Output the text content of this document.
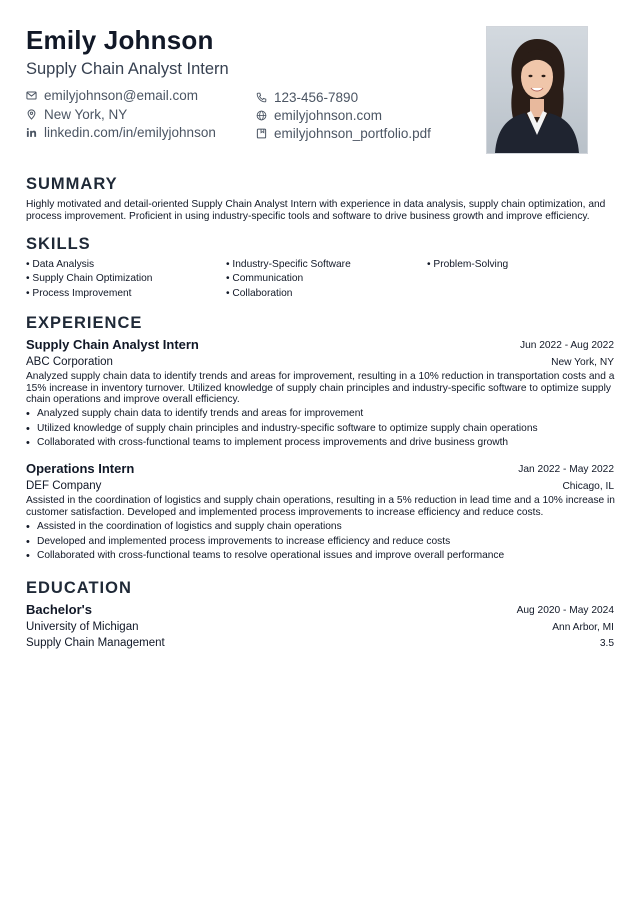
Emily Johnson
Supply Chain Analyst Intern
emilyjohnson@email.com	123-456-7890
New York, NY	emilyjohnson.com
linkedin.com/in/emilyjohnson	emilyjohnson_portfolio.pdf
SUMMARY
Highly motivated and detail-oriented Supply Chain Analyst Intern with experience in data analysis, supply chain optimization, and process improvement. Proficient in using industry-specific tools and software to drive business growth and improve efficiency.
SKILLS
• Data Analysis	• Industry-Specific Software	• Problem-Solving
• Supply Chain Optimization	• Communication
• Process Improvement	• Collaboration
EXPERIENCE
Supply Chain Analyst Intern	Jun 2022 - Aug 2022
ABC Corporation	New York, NY
Analyzed supply chain data to identify trends and areas for improvement, resulting in a 10% reduction in transportation costs and a 15% increase in inventory turnover. Utilized knowledge of supply chain principles and industry-specific software to optimize supply chain operations and improve overall efficiency.
• Analyzed supply chain data to identify trends and areas for improvement
• Utilized knowledge of supply chain principles and industry-specific software to optimize supply chain operations
• Collaborated with cross-functional teams to implement process improvements and drive business growth
Operations Intern	Jan 2022 - May 2022
DEF Company	Chicago, IL
Assisted in the coordination of logistics and supply chain operations, resulting in a 5% reduction in lead time and a 10% increase in customer satisfaction. Developed and implemented process improvements to increase efficiency and reduce costs.
• Assisted in the coordination of logistics and supply chain operations
• Developed and implemented process improvements to increase efficiency and reduce costs
• Collaborated with cross-functional teams to resolve operational issues and improve overall performance
EDUCATION
Bachelor's	Aug 2020 - May 2024
University of Michigan	Ann Arbor, MI
Supply Chain Management	3.5
